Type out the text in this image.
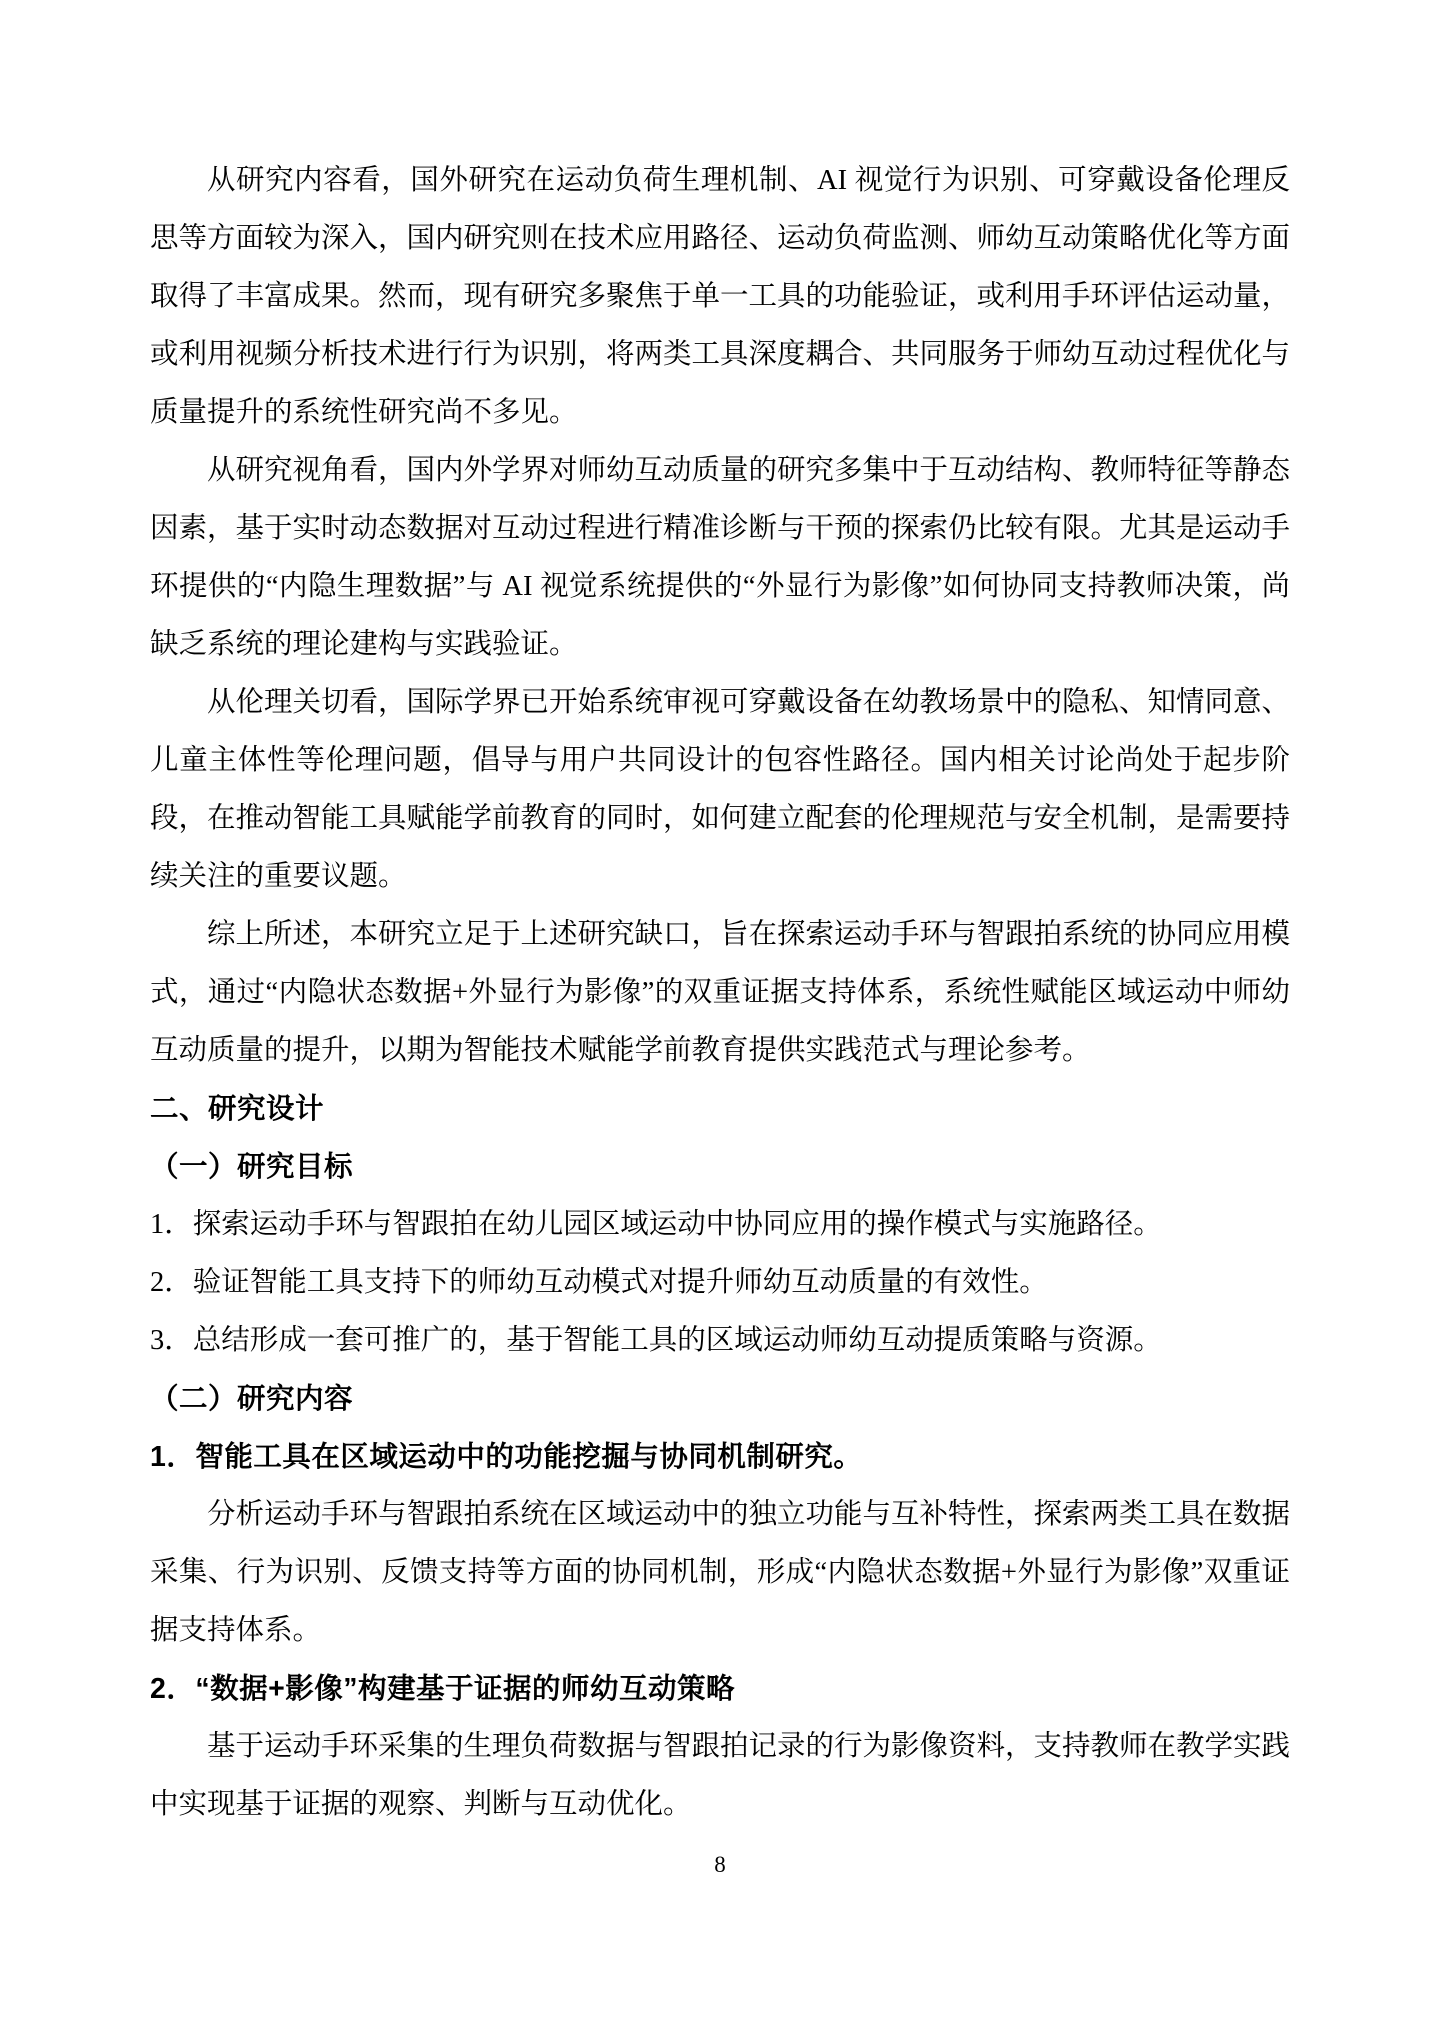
从研究内容看，国外研究在运动负荷生理机制、AI 视觉行为识别、可穿戴设备伦理反思等方面较为深入，国内研究则在技术应用路径、运动负荷监测、师幼互动策略优化等方面取得了丰富成果。然而，现有研究多聚焦于单一工具的功能验证，或利用手环评估运动量，或利用视频分析技术进行行为识别，将两类工具深度耦合、共同服务于师幼互动过程优化与质量提升的系统性研究尚不多见。

从研究视角看，国内外学界对师幼互动质量的研究多集中于互动结构、教师特征等静态因素，基于实时动态数据对互动过程进行精准诊断与干预的探索仍比较有限。尤其是运动手环提供的“内隐生理数据”与 AI 视觉系统提供的“外显行为影像”如何协同支持教师决策，尚缺乏系统的理论建构与实践验证。

从伦理关切看，国际学界已开始系统审视可穿戴设备在幼教场景中的隐私、知情同意、儿童主体性等伦理问题，倡导与用户共同设计的包容性路径。国内相关讨论尚处于起步阶段，在推动智能工具赋能学前教育的同时，如何建立配套的伦理规范与安全机制，是需要持续关注的重要议题。

综上所述，本研究立足于上述研究缺口，旨在探索运动手环与智跟拍系统的协同应用模式，通过“内隐状态数据+外显行为影像”的双重证据支持体系，系统性赋能区域运动中师幼互动质量的提升，以期为智能技术赋能学前教育提供实践范式与理论参考。

二、研究设计

（一）研究目标

1．探索运动手环与智跟拍在幼儿园区域运动中协同应用的操作模式与实施路径。

2．验证智能工具支持下的师幼互动模式对提升师幼互动质量的有效性。

3．总结形成一套可推广的，基于智能工具的区域运动师幼互动提质策略与资源。

（二）研究内容

1．智能工具在区域运动中的功能挖掘与协同机制研究。

分析运动手环与智跟拍系统在区域运动中的独立功能与互补特性，探索两类工具在数据采集、行为识别、反馈支持等方面的协同机制，形成“内隐状态数据+外显行为影像”双重证据支持体系。

2．“数据+影像”构建基于证据的师幼互动策略

基于运动手环采集的生理负荷数据与智跟拍记录的行为影像资料，支持教师在教学实践中实现基于证据的观察、判断与互动优化。

8
